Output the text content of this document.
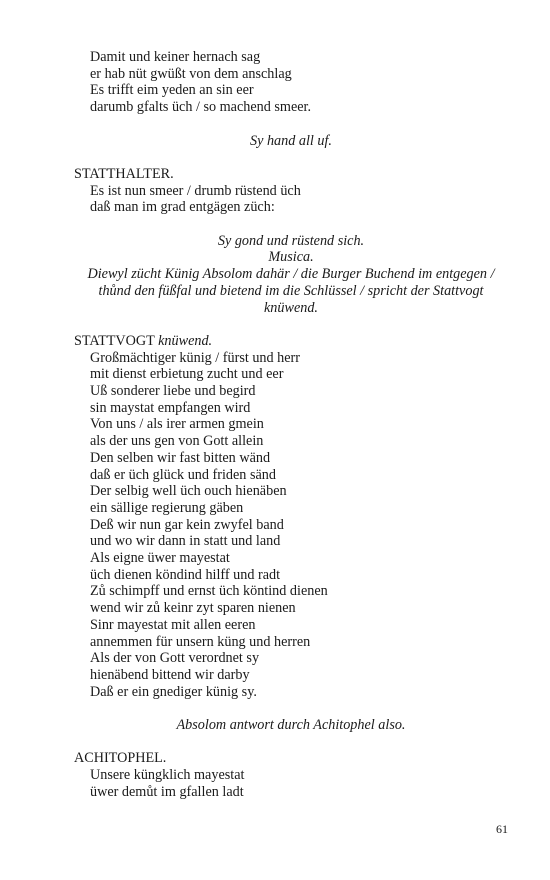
Damit und keiner hernach sag
er hab nüt gwüßt von dem anschlag
Es trifft eim yeden an sin eer
darumb gfalts üch / so machend smeer.
Sy hand all uf.
STATTHALTER.
Es ist nun smeer / drumb rüstend üch
daß man im grad entgägen züch:
Sy gond und rüstend sich.
Musica.
Diewyl zücht Künig Absolom dahär / die Burger Buchend im entgegen / thůnd den füßfal und bietend im die Schlüssel / spricht der Stattvogt knüwend.
STATTVOGT knüwend.
Großmächtiger künig / fürst und herr
mit dienst erbietung zucht und eer
Uß sonderer liebe und begird
sin maystat empfangen wird
Von uns / als irer armen gmein
als der uns gen von Gott allein
Den selben wir fast bitten wänd
daß er üch glück und friden sänd
Der selbig well üch ouch hienäben
ein sällige regierung gäben
Deß wir nun gar kein zwyfel band
und wo wir dann in statt und land
Als eigne üwer mayestat
üch dienen köndind hilff und radt
Zů schimpff und ernst üch köntind dienen
wend wir zů keinr zyt sparen nienen
Sinr mayestat mit allen eeren
annemmen für unsern küng und herren
Als der von Gott verordnet sy
hienäbend bittend wir darby
Daß er ein gnediger künig sy.
Absolom antwort durch Achitophel also.
ACHITOPHEL.
Unsere küngklich mayestat
üwer demůt im gfallen ladt
61
